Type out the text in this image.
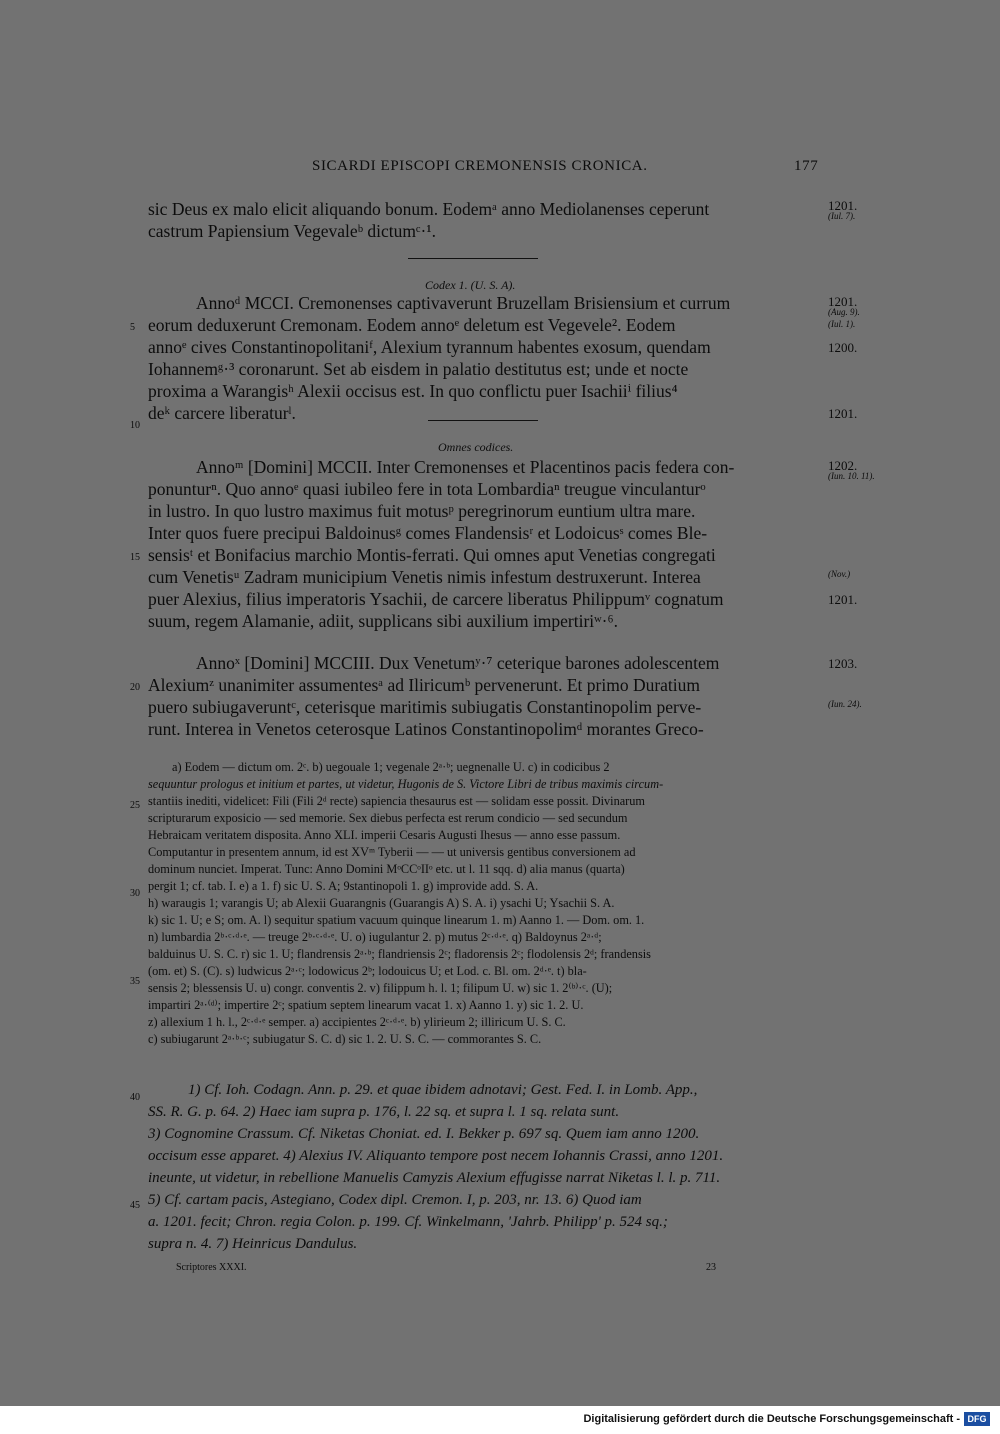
SICARDI EPISCOPI CREMONENSIS CRONICA.	177
sic Deus ex malo elicit aliquando bonum. Eodemᵃ anno Mediolanenses ceperunt
castrum Papiensium Vegevaleᵇ dictumᶜ·¹.
Codex 1. (U. S. A).
Annoᵈ MCCI. Cremonenses captivaverunt Bruzellam Brisiensium et currum
eorum deduxerunt Cremonam. Eodem annoᵉ deletum est Vegevele². Eodem
annoᵉ cives Constantinopolitaniᶠ, Alexium tyrannum habentes exosum, quendam
Iohannemᵍ·³ coronarunt. Set ab eisdem in palatio destitutus est; unde et nocte
proxima a Warangisʰ Alexii occisus est. In quo conflictu puer Isachiiⁱ filius⁴
deᵏ carcere liberaturˡ.
Omnes codices.
Annoᵐ [Domini] MCCII. Inter Cremonenses et Placentinos pacis federa con-
ponunturⁿ. Quo annoᵉ quasi iubileo fere in tota Lombardiaⁿ treugue vinculanturᵒ
in lustro. In quo lustro maximus fuit motusᵖ peregrinorum euntium ultra mare.
Inter quos fuere precipui Baldoinusᵍ comes Flandensisʳ et Lodoicusˢ comes Ble-
sensisᵗ et Bonifacius marchio Montis-ferrati. Qui omnes aput Venetias congregati
cum Venetisᵘ Zadram municipium Venetis nimis infestum destruxerunt. Interea
puer Alexius, filius imperatoris Ysachii, de carcere liberatus Philippumᵛ cognatum
suum, regem Alamanie, adiit, supplicans sibi auxilium impertiriʷ·⁶.
Annoˣ [Domini] MCCIII. Dux Venetumʸ·⁷ ceterique barones adolescentem
Alexiumᶻ unanimiter assumentesᵃ ad Iliricumᵇ pervenerunt. Et primo Duratium
puero subiugaveruntᶜ, ceterisque maritimis subiugatis Constantinopolim perve-
runt. Interea in Venetos ceterosque Latinos Constantinopolimᵈ morantes Greco-
1201.
(Iul. 7).
1201.
(Aug. 9).
(Iul. 1).
1200.
1201.
1202.
(Iun. 10. 11).
(Nov.)
1201.
1203.
(Iun. 24).
5
10
15
20
25
30
35
40
45
a) Eodem — dictum om. 2ᶜ. b) uegouale 1; vegenale 2ᵃ·ᵇ; uegnenalle U. c) in codicibus 2
sequuntur prologus et initium et partes, ut videtur, Hugonis de S. Victore Libri de tribus maximis circum-
stantiis inediti, videlicet: Fili (Fili 2ᵈ recte) sapiencia thesaurus est — solidam esse possit. Divinarum
scripturarum exposicio — sed memorie. Sex diebus perfecta est rerum condicio — sed secundum
Hebraicam veritatem disposita. Anno XLI. imperii Cesaris Augusti Ihesus — anno esse passum.
Computantur in presentem annum, id est XVᵐ Tyberii — — ut universis gentibus conversionem ad
dominum nunciet. Imperat. Tunc: Anno Domini MᵒCCᵒIIᵒ etc. ut l. 11 sqq. d) alia manus (quarta)
pergit 1; cf. tab. I. e) a 1. f) sic U. S. A; 9stantinopoli 1. g) improvide add. S. A.
h) waraugis 1; varangis U; ab Alexii Guarangnis (Guarangis A) S. A. i) ysachi U; Ysachii S. A.
k) sic 1. U; e S; om. A. l) sequitur spatium vacuum quinque linearum 1. m) Aanno 1. — Dom. om. 1.
n) lumbardia 2ᵇ·ᶜ·ᵈ·ᵉ. — treuge 2ᵇ·ᶜ·ᵈ·ᵉ. U. o) iugulantur 2. p) mutus 2ᶜ·ᵈ·ᵉ. q) Baldoynus 2ᵃ·ᵈ;
balduinus U. S. C. r) sic 1. U; flandrensis 2ᵃ·ᵇ; flandriensis 2ᶜ; fladorensis 2ᶜ; flodolensis 2ᵈ; frandensis
(om. et) S. (C). s) ludwicus 2ᵃ·ᶜ; lodowicus 2ᵇ; lodouicus U; et Lod. c. Bl. om. 2ᵈ·ᵉ. t) bla-
sensis 2; blessensis U. u) congr. conventis 2. v) filippum h. l. 1; filipum U. w) sic 1. 2⁽ᵇ⁾·ᶜ. (U);
impartiri 2ᵃ·⁽ᵈ⁾; impertire 2ᶜ; spatium septem linearum vacat 1. x) Aanno 1. y) sic 1. 2. U.
z) allexium 1 h. l., 2ᶜ·ᵈ·ᵉ semper. a) accipientes 2ᶜ·ᵈ·ᵉ. b) ylirieum 2; illiricum U. S. C.
c) subiugarunt 2ᵃ·ᵇ·ᶜ; subiugatur S. C. d) sic 1. 2. U. S. C. — commorantes S. C.
1) Cf. Ioh. Codagn. Ann. p. 29. et quae ibidem adnotavi; Gest. Fed. I. in Lomb. App.,
SS. R. G. p. 64. 2) Haec iam supra p. 176, l. 22 sq. et supra l. 1 sq. relata sunt.
3) Cognomine Crassum. Cf. Niketas Choniat. ed. I. Bekker p. 697 sq. Quem iam anno 1200.
occisum esse apparet. 4) Alexius IV. Aliquanto tempore post necem Iohannis Crassi, anno 1201.
ineunte, ut videtur, in rebellione Manuelis Camyzis Alexium effugisse narrat Niketas l. l. p. 711.
5) Cf. cartam pacis, Astegiano, Codex dipl. Cremon. I, p. 203, nr. 13. 6) Quod iam
a. 1201. fecit; Chron. regia Colon. p. 199. Cf. Winkelmann, 'Jahrb. Philipp' p. 524 sq.;
supra n. 4. 7) Heinricus Dandulus.
Scriptores XXXI.	23
Digitalisierung gefördert durch die Deutsche Forschungsgemeinschaft - DFG
